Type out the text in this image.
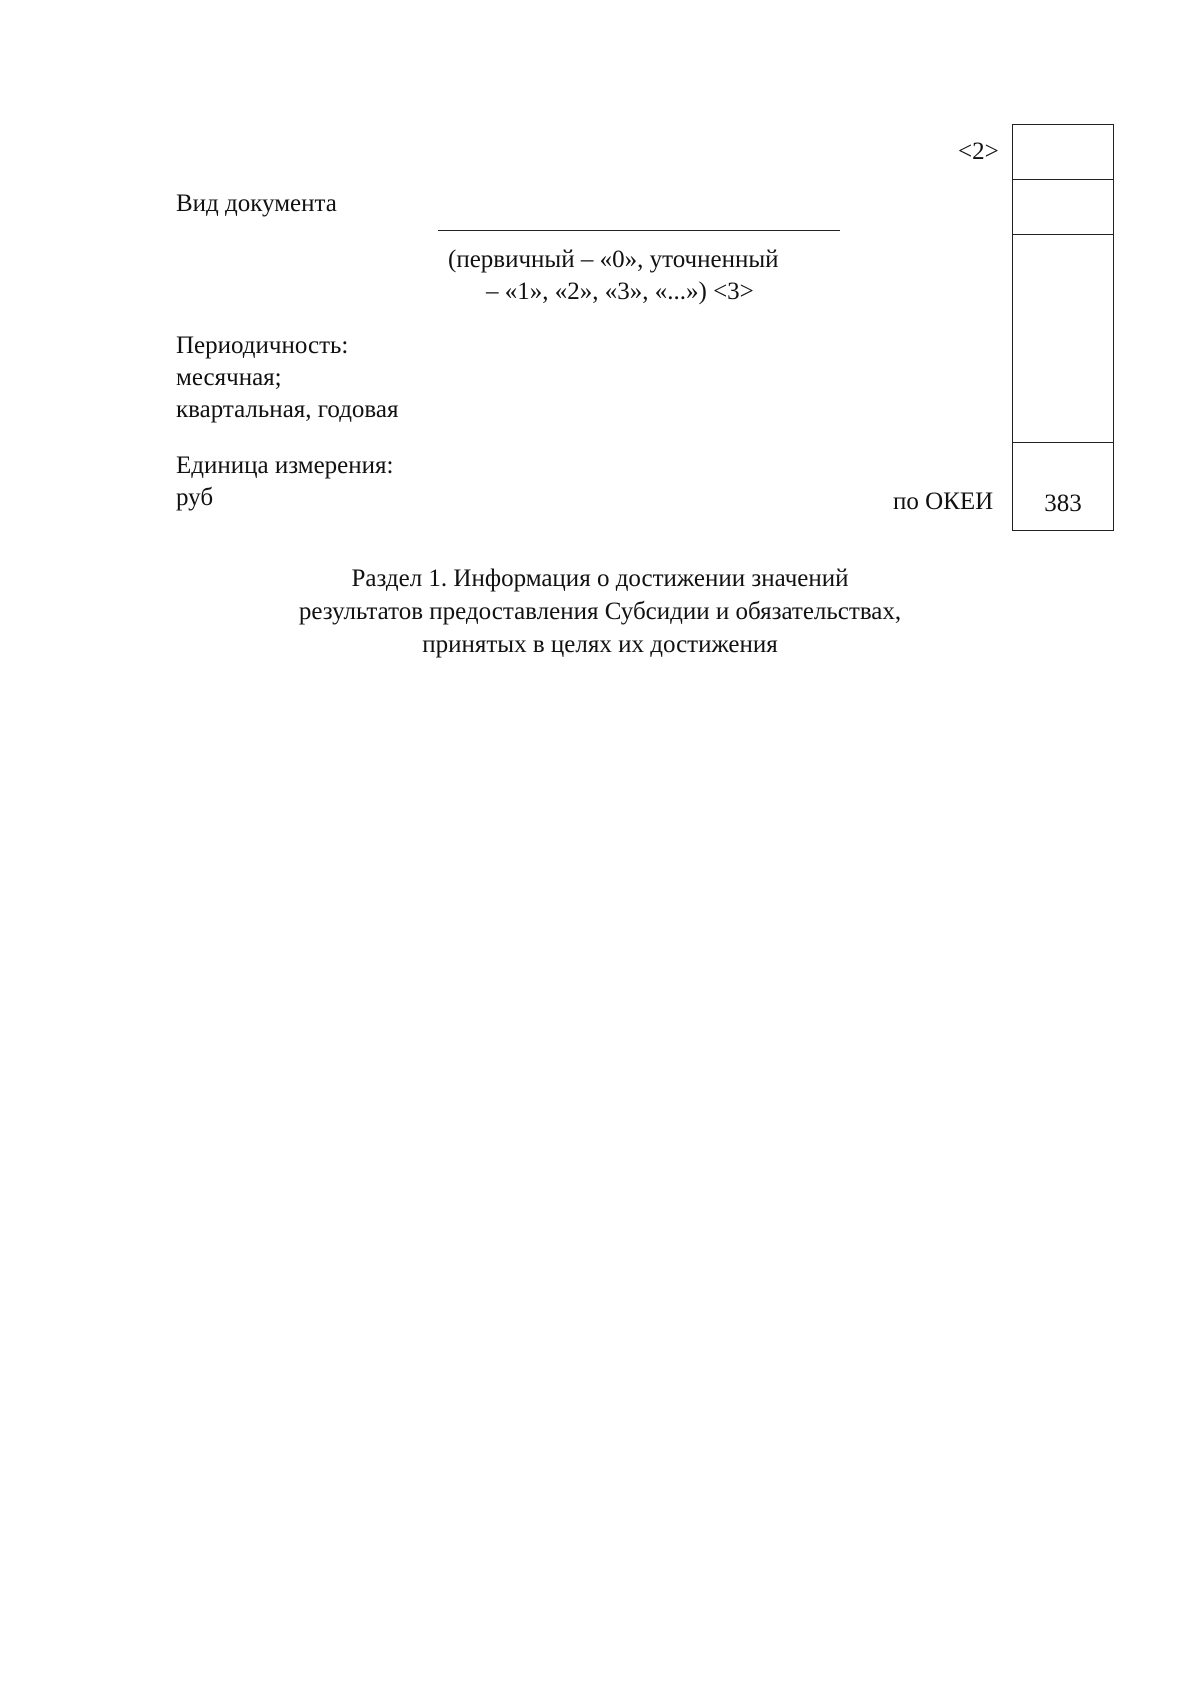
<2>
Вид документа
(первичный – «0», уточненный
– «1», «2», «3», «...») <3>
Периодичность:
месячная;
квартальная, годовая
Единица измерения:
руб	по ОКЕИ	383
Раздел 1. Информация о достижении значений
результатов предоставления Субсидии и обязательствах,
принятых в целях их достижения
